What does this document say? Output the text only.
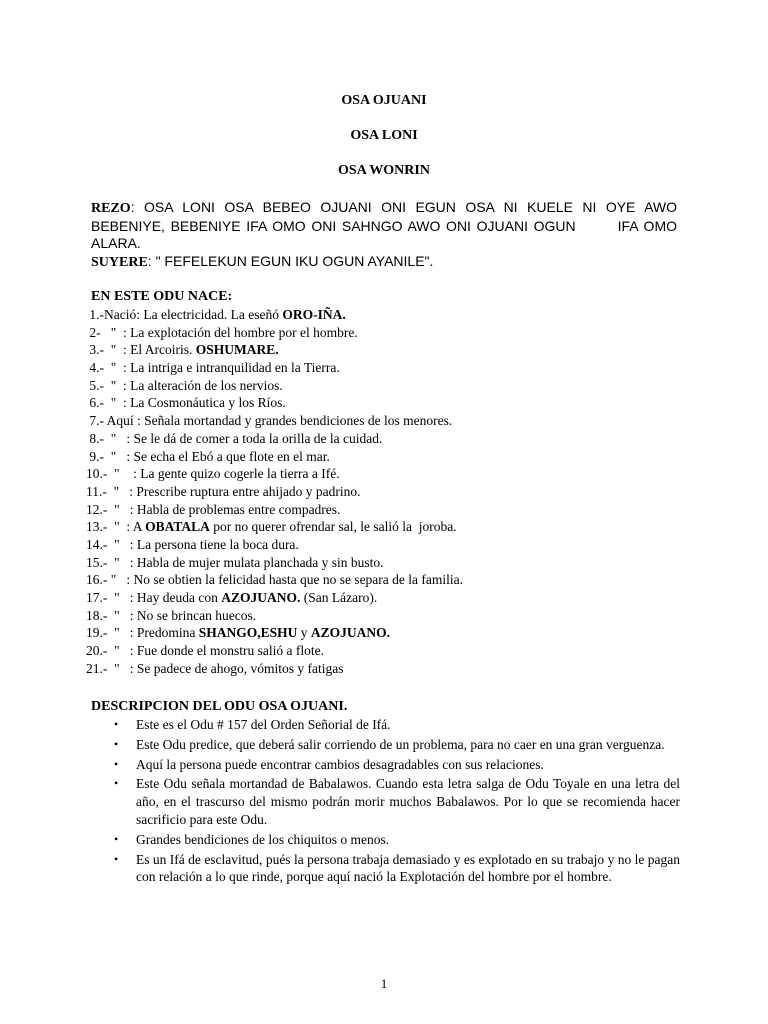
OSA OJUANI
OSA LONI
OSA WONRIN
REZO: OSA LONI OSA BEBEO OJUANI ONI EGUN OSA NI KUELE NI OYE AWO BEBENIYE, BEBENIYE IFA OMO ONI SAHNGO AWO ONI OJUANI OGUN	IFA OMO ALARA.
SUYERE: " FEFELEKUN EGUN IKU OGUN AYANILE".
EN ESTE ODU NACE:
1.-Nació: La electricidad. La eseñó ORO-IÑA.
2-   "  : La explotación del hombre por el hombre.
3.-  "  : El Arcoiris. OSHUMARE.
4.-  "  : La intriga e intranquilidad en la Tierra.
5.-  "  : La alteración de los nervios.
6.-  "  : La Cosmonáutica y los Ríos.
7.- Aquí : Señala mortandad y grandes bendiciones de los menores.
8.-  "   : Se le dá de comer a toda la orilla de la cuidad.
9.-  "   : Se echa el Ebó a que flote en el mar.
10.-  "    : La gente quizo cogerle la tierra a Ifé.
11.-  "   : Prescribe ruptura entre ahijado y padrino.
12.-  "   : Habla de problemas entre compadres.
13.-  "  : A OBATALA por no querer ofrendar sal, le salió la  joroba.
14.-  "   : La persona tiene la boca dura.
15.-  "   : Habla de mujer mulata planchada y sin busto.
16.- "   : No se obtien la felicidad hasta que no se separa de la familia.
17.-  "   : Hay deuda con AZOJUANO. (San Lázaro).
18.-  "   : No se brincan huecos.
19.-  "   : Predomina SHANGO,ESHU y AZOJUANO.
20.-  "   : Fue donde el monstru salió a flote.
21.-  "   : Se padece de ahogo, vómitos y fatigas
DESCRIPCION DEL ODU OSA OJUANI.
• Este es el Odu # 157 del Orden Señorial de Ifá.
• Este Odu predice, que deberá salir corriendo de un problema, para no caer en una gran verguenza.
• Aquí la persona puede encontrar cambios desagradables con sus relaciones.
• Este Odu señala mortandad de Babalawos. Cuando esta letra salga de Odu Toyale en una letra del año, en el trascurso del mismo podrán morir muchos Babalawos. Por lo que se recomienda hacer sacrificio para este Odu.
• Grandes bendiciones de los chiquitos o menos.
• Es un Ifá de esclavitud, pués la persona trabaja demasiado y es explotado en su trabajo y no le pagan con relación a lo que rinde, porque aquí nació la Explotación del hombre por el hombre.
1
